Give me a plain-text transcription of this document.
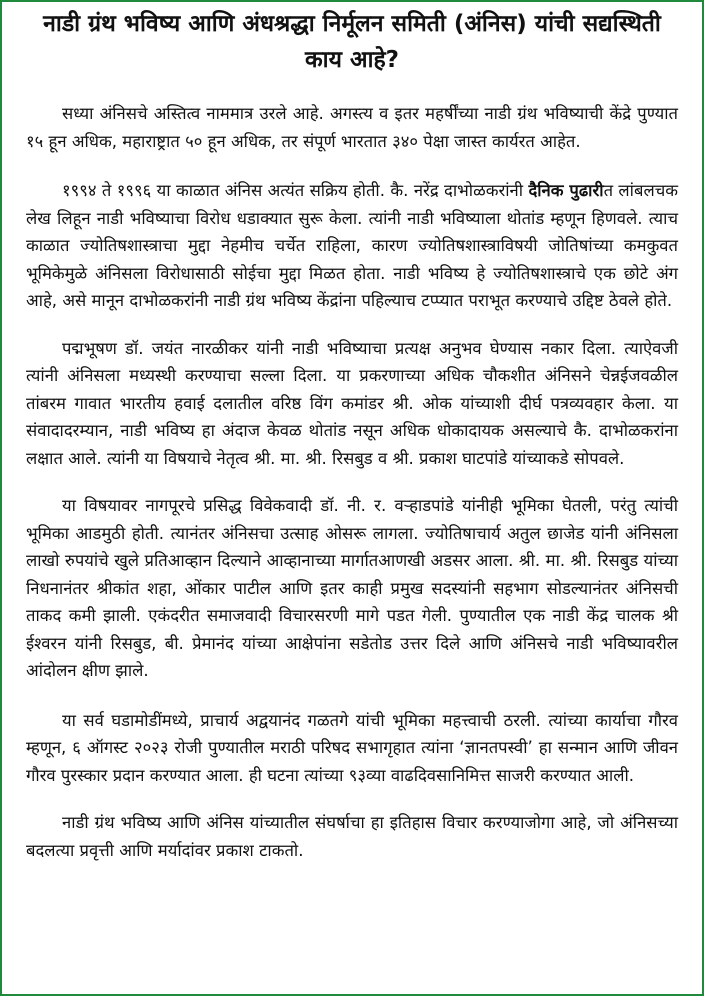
नाडी ग्रंथ भविष्य आणि अंधश्रद्धा निर्मूलन समिती (अंनिस) यांची सद्यस्थिती काय आहे?

सध्या अंनिसचे अस्तित्व नाममात्र उरले आहे. अगस्त्य व इतर महर्षींच्या नाडी ग्रंथ भविष्याची केंद्रे पुण्यात १५ हून अधिक, महाराष्ट्रात ५० हून अधिक, तर संपूर्ण भारतात ३४० पेक्षा जास्त कार्यरत आहेत.

१९९४ ते १९९६ या काळात अंनिस अत्यंत सक्रिय होती. कै. नरेंद्र दाभोळकरांनी दैनिक पुढारीत लांबलचक लेख लिहून नाडी भविष्याचा विरोध धडाक्यात सुरू केला. त्यांनी नाडी भविष्याला थोतांड म्हणून हिणवले. त्याच काळात ज्योतिषशास्त्राचा मुद्दा नेहमीच चर्चेत राहिला, कारण ज्योतिषशास्त्राविषयी जोतिषांच्या कमकुवत भूमिकेमुळे अंनिसला विरोधासाठी सोईचा मुद्दा मिळत होता. नाडी भविष्य हे ज्योतिषशास्त्राचे एक छोटे अंग आहे, असे मानून दाभोळकरांनी नाडी ग्रंथ भविष्य केंद्रांना पहिल्याच टप्प्यात पराभूत करण्याचे उद्दिष्ट ठेवले होते.

पद्मभूषण डॉ. जयंत नारळीकर यांनी नाडी भविष्याचा प्रत्यक्ष अनुभव घेण्यास नकार दिला. त्याऐवजी त्यांनी अंनिसला मध्यस्थी करण्याचा सल्ला दिला. या प्रकरणाच्या अधिक चौकशीत अंनिसने चेन्नईजवळील तांबरम गावात भारतीय हवाई दलातील वरिष्ठ विंग कमांडर श्री. ओक यांच्याशी दीर्घ पत्रव्यवहार केला. या संवादादरम्यान, नाडी भविष्य हा अंदाज केवळ थोतांड नसून अधिक धोकादायक असल्याचे कै. दाभोळकरांना लक्षात आले. त्यांनी या विषयाचे नेतृत्व श्री. मा. श्री. रिसबुड व श्री. प्रकाश घाटपांडे यांच्याकडे सोपवले.

या विषयावर नागपूरचे प्रसिद्ध विवेकवादी डॉ. नी. र. वऱ्हाडपांडे यांनीही भूमिका घेतली, परंतु त्यांची भूमिका आडमुठी होती. त्यानंतर अंनिसचा उत्साह ओसरू लागला. ज्योतिषाचार्य अतुल छाजेड यांनी अंनिसला लाखो रुपयांचे खुले प्रतिआव्हान दिल्याने आव्हानाच्या मार्गातआणखी अडसर आला. श्री. मा. श्री. रिसबुड यांच्या निधनानंतर श्रीकांत शहा, ओंकार पाटील आणि इतर काही प्रमुख सदस्यांनी सहभाग सोडल्यानंतर अंनिसची ताकद कमी झाली. एकंदरीत समाजवादी विचारसरणी मागे पडत गेली. पुण्यातील एक नाडी केंद्र चालक श्री ईश्वरन यांनी रिसबुड, बी. प्रेमानंद यांच्या आक्षेपांना सडेतोड उत्तर दिले आणि अंनिसचे नाडी भविष्यावरील आंदोलन क्षीण झाले.

या सर्व घडामोडींमध्ये, प्राचार्य अद्वयानंद गळतगे यांची भूमिका महत्त्वाची ठरली. त्यांच्या कार्याचा गौरव म्हणून, ६ ऑगस्ट २०२३ रोजी पुण्यातील मराठी परिषद सभागृहात त्यांना ‘ज्ञानतपस्वी’ हा सन्मान आणि जीवन गौरव पुरस्कार प्रदान करण्यात आला. ही घटना त्यांच्या ९३व्या वाढदिवसानिमित्त साजरी करण्यात आली.

नाडी ग्रंथ भविष्य आणि अंनिस यांच्यातील संघर्षाचा हा इतिहास विचार करण्याजोगा आहे, जो अंनिसच्या बदलत्या प्रवृत्ती आणि मर्यादांवर प्रकाश टाकतो.
